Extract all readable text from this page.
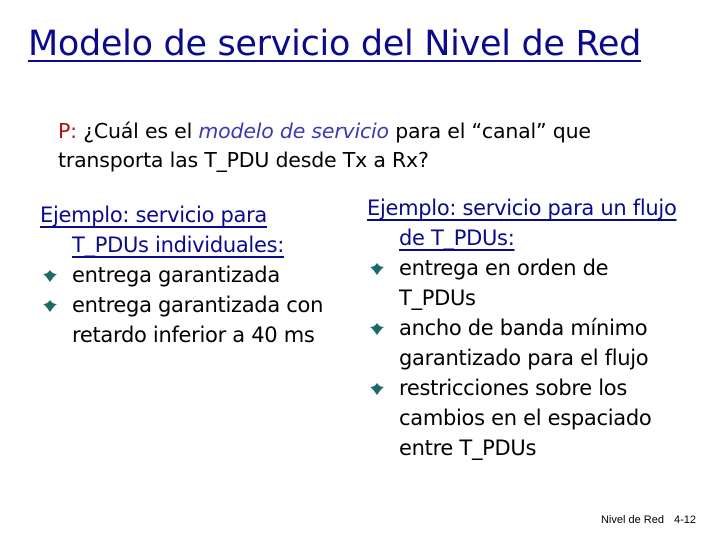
Modelo de servicio del Nivel de Red
P: ¿Cuál es el modelo de servicio para el “canal” que transporta las T_PDU desde Tx a Rx?
Ejemplo: servicio para T_PDUs individuales:
entrega garantizada
entrega garantizada con retardo inferior a 40 ms
Ejemplo: servicio para un flujo de T_PDUs:
entrega en orden de T_PDUs
ancho de banda mínimo garantizado para el flujo
restricciones sobre los cambios en el espaciado entre T_PDUs
Nivel de Red 4-12
